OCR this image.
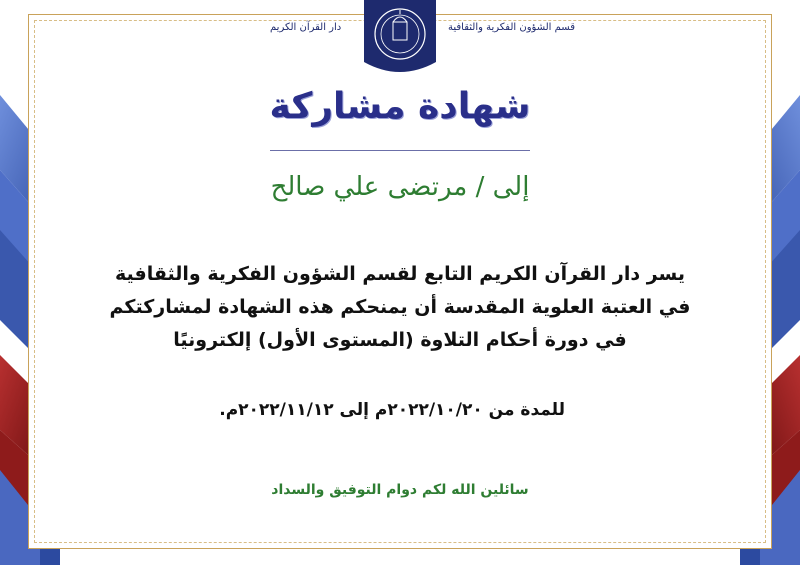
قسم الشؤون الفكرية والثقافية
دار القرآن الكريم
شهادة مشاركة
إلى / مرتضى علي صالح
يسر دار القرآن الكريم التابع لقسم الشؤون الفكرية والثقافية
في العتبة العلوية المقدسة أن يمنحكم هذه الشهادة لمشاركتكم
في دورة أحكام التلاوة (المستوى الأول) إلكترونيًا
للمدة من ٢٠٢٢/١٠/٢٠م إلى ٢٠٢٢/١١/١٢م.
سائلين الله لكم دوام التوفيق والسداد
